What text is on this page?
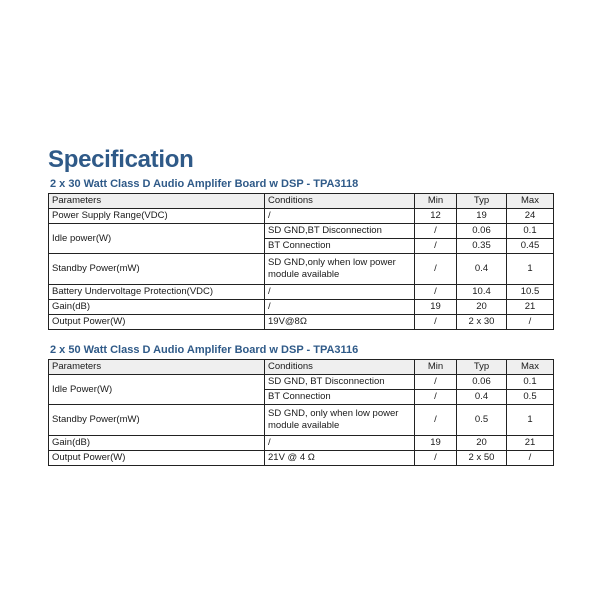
Specification
2 x 30 Watt Class D Audio Amplifer Board w DSP - TPA3118
Parameters	Conditions	Min	Typ	Max
Power Supply Range(VDC)	/	12	19	24
Idle power(W)	SD GND,BT Disconnection	/	0.06	0.1
	BT Connection	/	0.35	0.45
Standby Power(mW)	SD GND,only when low power module available	/	0.4	1
Battery Undervoltage Protection(VDC)	/	/	10.4	10.5
Gain(dB)	/	19	20	21
Output Power(W)	19V@8Ω	/	2 x 30	/
2 x 50 Watt Class D Audio Amplifer Board w DSP - TPA3116
Parameters	Conditions	Min	Typ	Max
Idle Power(W)	SD GND, BT Disconnection	/	0.06	0.1
	BT Connection	/	0.4	0.5
Standby Power(mW)	SD GND, only when low power module available	/	0.5	1
Gain(dB)	/	19	20	21
Output Power(W)	21V @ 4 Ω	/	2 x 50	/
